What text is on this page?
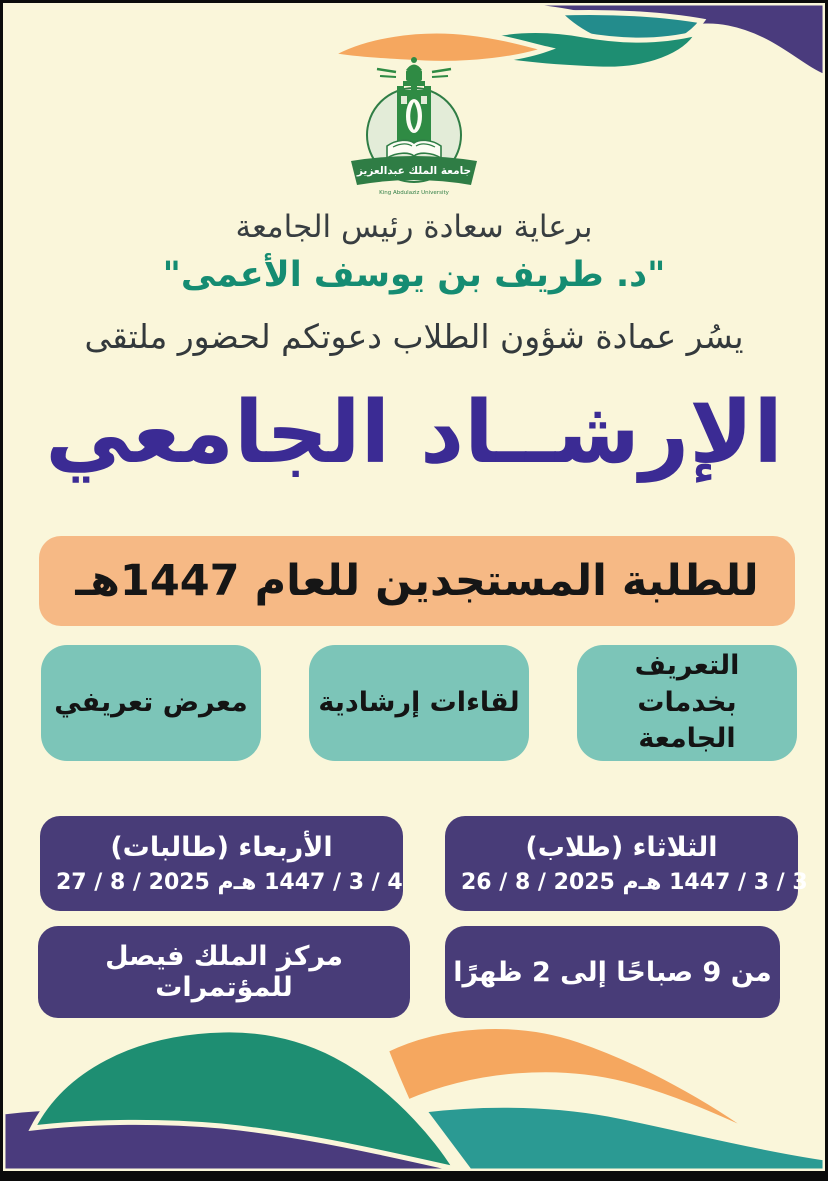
جامعة الملك عبدالعزيز
King Abdulaziz University
برعاية سعادة رئيس الجامعة
"د. طريف بن يوسف الأعمى"
يسُر عمادة شؤون الطلاب دعوتكم لحضور ملتقى
الإرشــاد الجامعي
للطلبة المستجدين للعام 1447هـ
التعريف بخدمات الجامعة
لقاءات إرشادية
معرض تعريفي
الثلاثاء (طلاب)
26 / 8 / 2025 م 3 / 3 / 1447 هـ
الأربعاء (طالبات)
27 / 8 / 2025 م 4 / 3 / 1447 هـ
من 9 صباحًا إلى 2 ظهرًا
مركز الملك فيصل للمؤتمرات
